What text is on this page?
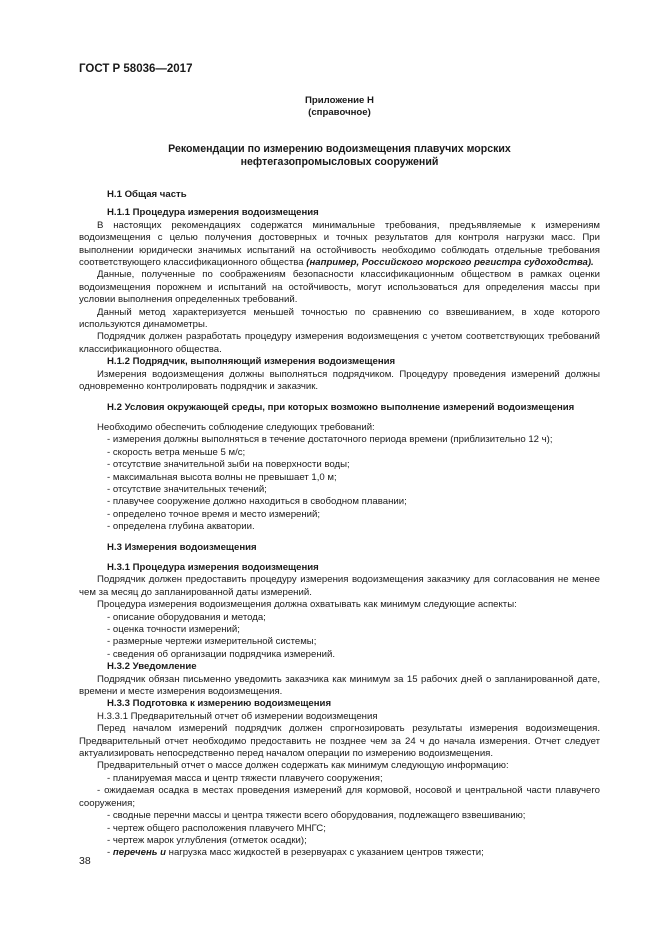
ГОСТ Р 58036—2017
Приложение Н
(справочное)
Рекомендации по измерению водоизмещения плавучих морских
нефтегазопромысловых сооружений
Н.1 Общая часть
Н.1.1 Процедура измерения водоизмещения
В настоящих рекомендациях содержатся минимальные требования, предъявляемые к измерениям водоизмещения с целью получения достоверных и точных результатов для контроля нагрузки масс. При выполнении юридически значимых испытаний на остойчивость необходимо соблюдать отдельные требования соответствующего классификационного общества (например, Российского морского регистра судоходства).
Данные, полученные по соображениям безопасности классификационным обществом в рамках оценки водоизмещения порожнем и испытаний на остойчивость, могут использоваться для определения массы при условии выполнения определенных требований.
Данный метод характеризуется меньшей точностью по сравнению со взвешиванием, в ходе которого используются динамометры.
Подрядчик должен разработать процедуру измерения водоизмещения с учетом соответствующих требований классификационного общества.
Н.1.2 Подрядчик, выполняющий измерения водоизмещения
Измерения водоизмещения должны выполняться подрядчиком. Процедуру проведения измерений должны одновременно контролировать подрядчик и заказчик.
Н.2 Условия окружающей среды, при которых возможно выполнение измерений водоизмещения
Необходимо обеспечить соблюдение следующих требований:
- измерения должны выполняться в течение достаточного периода времени (приблизительно 12 ч);
- скорость ветра меньше 5 м/с;
- отсутствие значительной зыби на поверхности воды;
- максимальная высота волны не превышает 1,0 м;
- отсутствие значительных течений;
- плавучее сооружение должно находиться в свободном плавании;
- определено точное время и место измерений;
- определена глубина акватории.
Н.3 Измерения водоизмещения
Н.3.1 Процедура измерения водоизмещения
Подрядчик должен предоставить процедуру измерения водоизмещения заказчику для согласования не менее чем за месяц до запланированной даты измерений.
Процедура измерения водоизмещения должна охватывать как минимум следующие аспекты:
- описание оборудования и метода;
- оценка точности измерений;
- размерные чертежи измерительной системы;
- сведения об организации подрядчика измерений.
Н.3.2 Уведомление
Подрядчик обязан письменно уведомить заказчика как минимум за 15 рабочих дней о запланированной дате, времени и месте измерения водоизмещения.
Н.3.3 Подготовка к измерению водоизмещения
Н.3.3.1 Предварительный отчет об измерении водоизмещения
Перед началом измерений подрядчик должен спрогнозировать результаты измерения водоизмещения. Предварительный отчет необходимо предоставить не позднее чем за 24 ч до начала измерения. Отчет следует актуализировать непосредственно перед началом операции по измерению водоизмещения.
Предварительный отчет о массе должен содержать как минимум следующую информацию:
- планируемая масса и центр тяжести плавучего сооружения;
- ожидаемая осадка в местах проведения измерений для кормовой, носовой и центральной части плавучего сооружения;
- сводные перечни массы и центра тяжести всего оборудования, подлежащего взвешиванию;
- чертеж общего расположения плавучего МНГС;
- чертеж марок углубления (отметок осадки);
- перечень и нагрузка масс жидкостей в резервуарах с указанием центров тяжести;
38
